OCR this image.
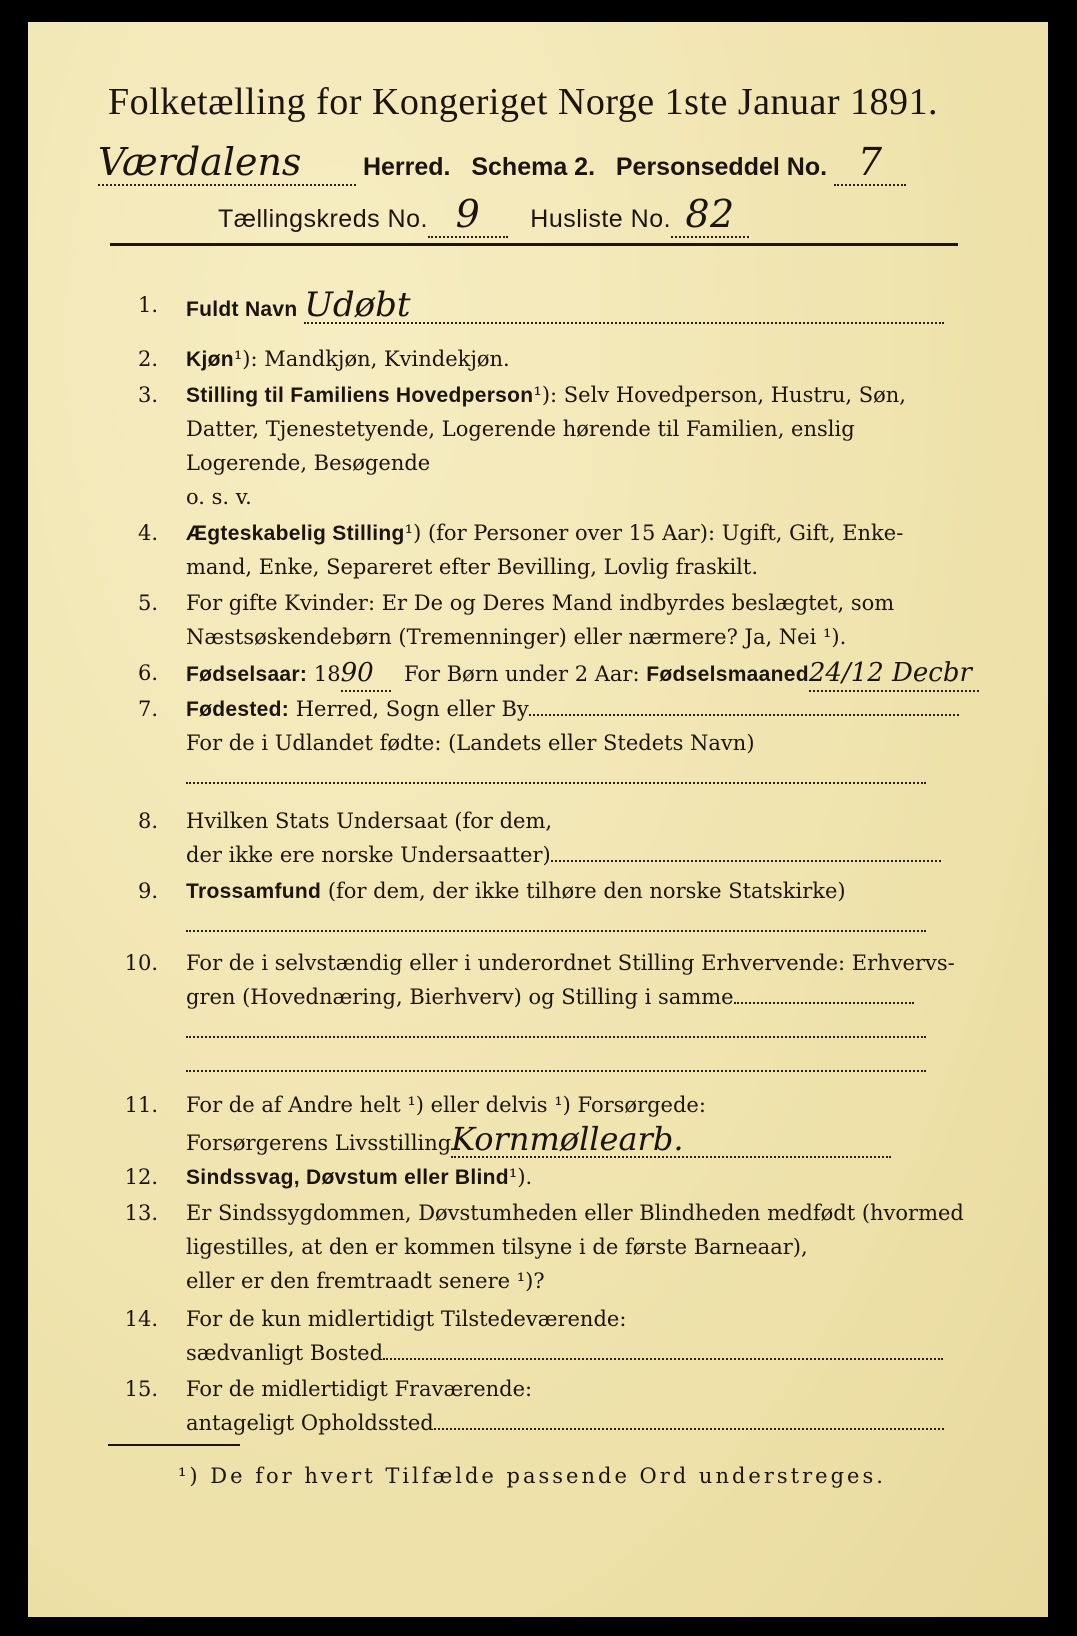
Folketælling for Kongeriget Norge 1ste Januar 1891.
Værdalens Herred. Schema 2. Personseddel No. 7
Tællingskreds No. 9 Husliste No. 82
1. Fuldt Navn Udøbt
2. Kjøn¹): Mandkjøn, Kvindekjøn.
3. Stilling til Familiens Hovedperson¹): Selv Hovedperson, Hustru, Søn,
Datter, Tjenestetyende, Logerende hørende til Familien, enslig
Logerende, Besøgende
o. s. v.
4. Ægteskabelig Stilling¹) (for Personer over 15 Aar): Ugift, Gift, Enke-
mand, Enke, Separeret efter Bevilling, Lovlig fraskilt.
5. For gifte Kvinder: Er De og Deres Mand indbyrdes beslægtet, som
Næstsøskendebørn (Tremenninger) eller nærmere? Ja, Nei ¹).
6. Fødselsaar: 1890 For Børn under 2 Aar: Fødselsmaaned24/12 Decbr
7. Fødested: Herred, Sogn eller By
For de i Udlandet fødte: (Landets eller Stedets Navn)
8. Hvilken Stats Undersaat (for dem,
der ikke ere norske Undersaatter)
9. Trossamfund (for dem, der ikke tilhøre den norske Statskirke)
10. For de i selvstændig eller i underordnet Stilling Erhvervende: Erhvervs-
gren (Hovednæring, Bierhverv) og Stilling i samme
11. For de af Andre helt ¹) eller delvis ¹) Forsørgede:
Forsørgerens LivsstillingKornmøllearb.
12. Sindssvag, Døvstum eller Blind¹).
13. Er Sindssygdommen, Døvstumheden eller Blindheden medfødt (hvormed
ligestilles, at den er kommen tilsyne i de første Barneaar),
eller er den fremtraadt senere ¹)?
14. For de kun midlertidigt Tilstedeværende:
sædvanligt Bosted
15. For de midlertidigt Fraværende:
antageligt Opholdssted
¹) De for hvert Tilfælde passende Ord understreges.
